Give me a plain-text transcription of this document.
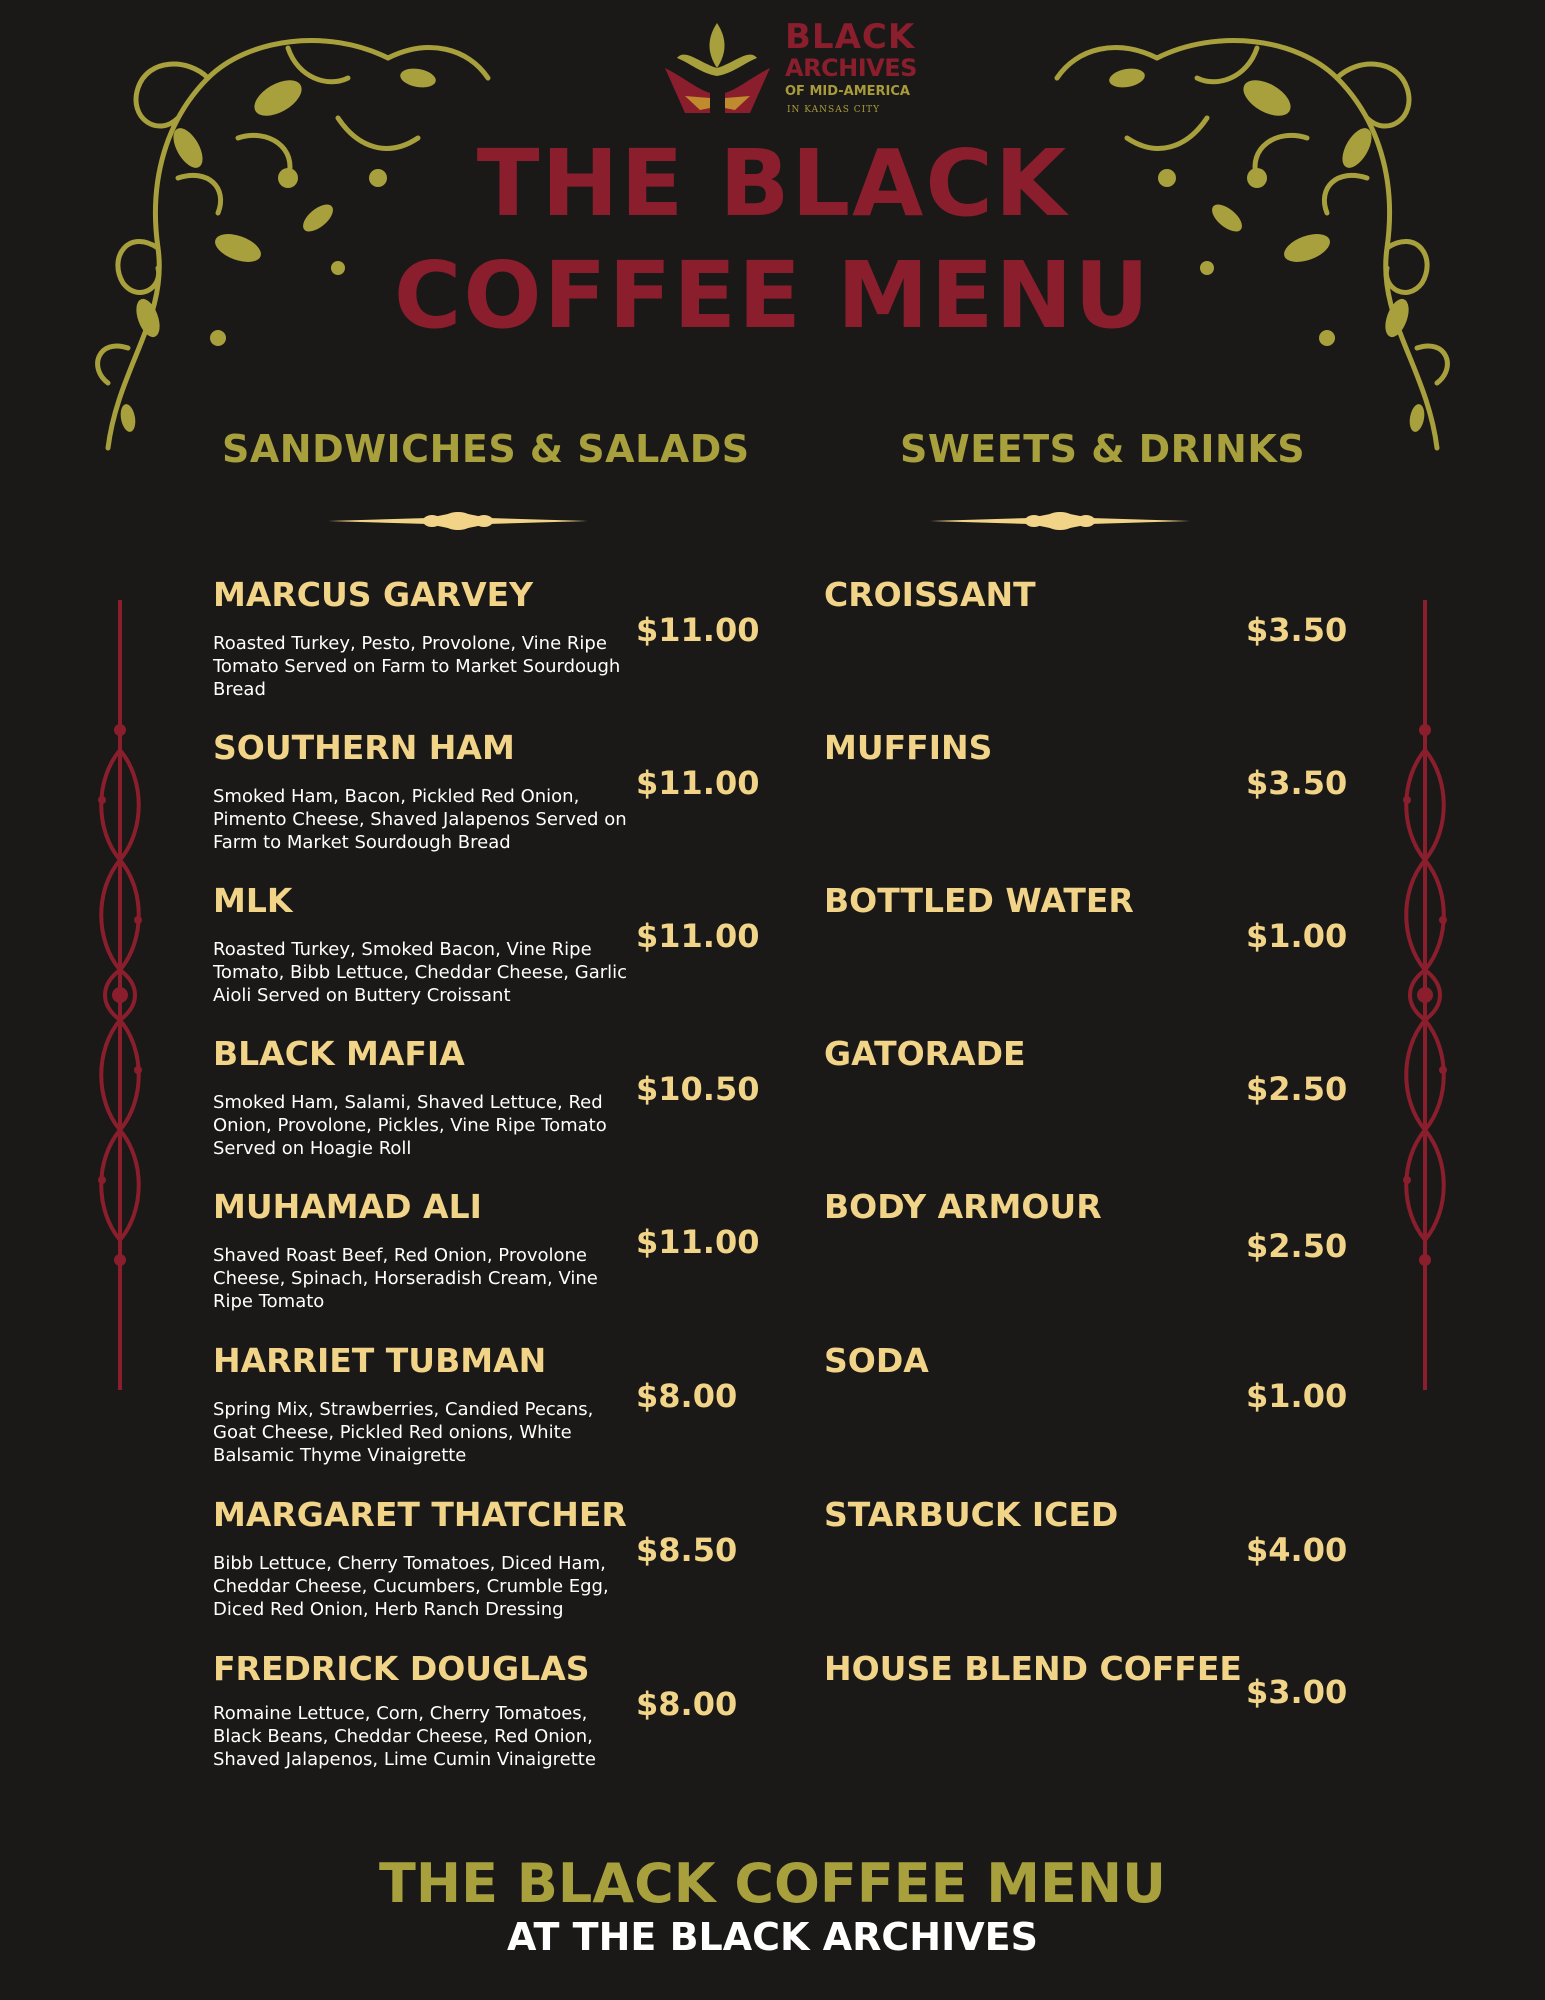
BLACK
ARCHIVES
OF MID-AMERICA
IN KANSAS CITY
THE BLACK
COFFEE MENU
SANDWICHES & SALADS	SWEETS & DRINKS
MARCUS GARVEY
Roasted Turkey, Pesto, Provolone, Vine Ripe Tomato Served on Farm to Market Sourdough Bread
$11.00
SOUTHERN HAM
Smoked Ham, Bacon, Pickled Red Onion, Pimento Cheese, Shaved Jalapenos Served on Farm to Market Sourdough Bread
$11.00
MLK
Roasted Turkey, Smoked Bacon, Vine Ripe Tomato, Bibb Lettuce, Cheddar Cheese, Garlic Aioli Served on Buttery Croissant
$11.00
BLACK MAFIA
Smoked Ham, Salami, Shaved Lettuce, Red Onion, Provolone, Pickles, Vine Ripe Tomato Served on Hoagie Roll
$10.50
MUHAMAD ALI
Shaved Roast Beef, Red Onion, Provolone Cheese, Spinach, Horseradish Cream, Vine Ripe Tomato
$11.00
HARRIET TUBMAN
Spring Mix, Strawberries, Candied Pecans, Goat Cheese, Pickled Red onions, White Balsamic Thyme Vinaigrette
$8.00
MARGARET THATCHER
Bibb Lettuce, Cherry Tomatoes, Diced Ham, Cheddar Cheese, Cucumbers, Crumble Egg, Diced Red Onion, Herb Ranch Dressing
$8.50
FREDRICK DOUGLAS
Romaine Lettuce, Corn, Cherry Tomatoes, Black Beans, Cheddar Cheese, Red Onion, Shaved Jalapenos, Lime Cumin Vinaigrette
$8.00
CROISSANT
$3.50
MUFFINS
$3.50
BOTTLED WATER
$1.00
GATORADE
$2.50
BODY ARMOUR
$2.50
SODA
$1.00
STARBUCK ICED
$4.00
HOUSE BLEND COFFEE
$3.00
THE BLACK COFFEE MENU
AT THE BLACK ARCHIVES
